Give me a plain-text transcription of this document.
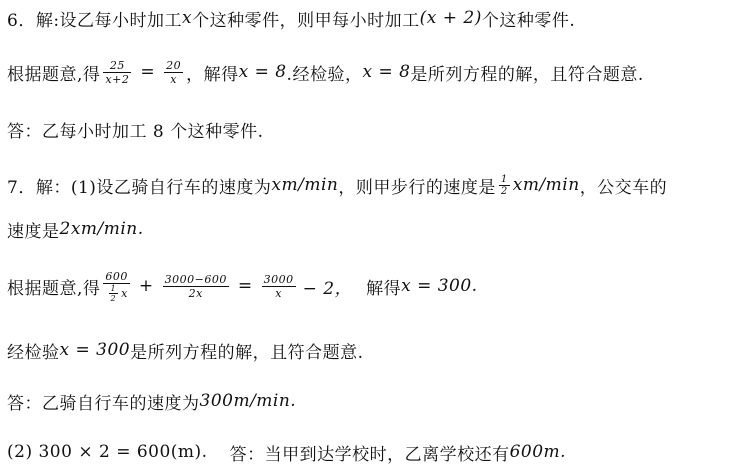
6．解:设乙每小时加工 x 个这种零件，则甲每小时加工 (x + 2) 个这种零件.
根据题意,得 $\frac{25}{x+2} = \frac{20}{x}$ ，解得 x = 8 .经检验， x = 8 是所列方程的解，且符合题意.
答：乙每小时加工 8 个这种零件.
7．解：(1)设乙骑自行车的速度为 xm/min ，则甲步行的速度是 $\frac{1}{2} xm/\min$ ，公交车的
速度是 2xm/min.
根据题意,得 $\frac{600}{\frac{1}{2} x} + \frac{3000-600}{2x} = \frac{3000}{x} - 2$， 解得 x = 300.
经检验 x = 300 是所列方程的解，且符合题意.
答：乙骑自行车的速度为 300m/min.
(2) 300 × 2 = 600(m). 答：当甲到达学校时，乙离学校还有 600m.
